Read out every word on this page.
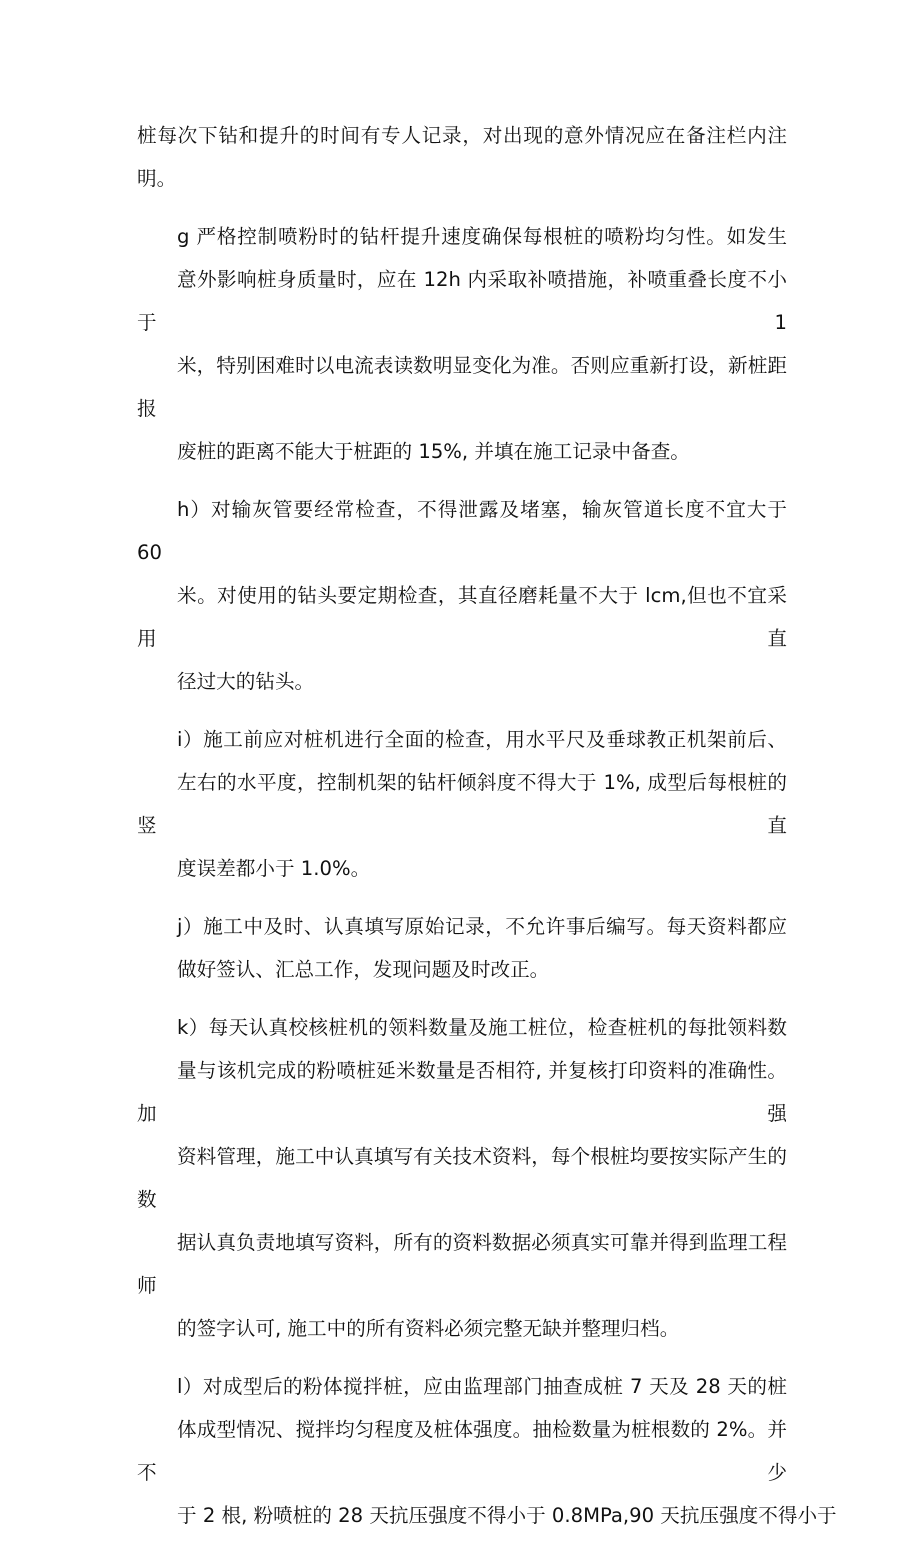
桩每次下钻和提升的时间有专人记录，对出现的意外情况应在备注栏内注
明。

g 严格控制喷粉时的钻杆提升速度确保每根桩的喷粉均匀性。如发生
意外影响桩身质量时，应在 12h 内采取补喷措施，补喷重叠长度不小于 1
米，特别困难时以电流表读数明显变化为准。否则应重新打设，新桩距报
废桩的距离不能大于桩距的 15%, 并填在施工记录中备查。

h）对输灰管要经常检查，不得泄露及堵塞，输灰管道长度不宜大于 60
米。对使用的钻头要定期检查，其直径磨耗量不大于 lcm,但也不宜采用直
径过大的钻头。

i）施工前应对桩机进行全面的检查，用水平尺及垂球教正机架前后、
左右的水平度，控制机架的钻杆倾斜度不得大于 1%, 成型后每根桩的竖直
度误差都小于 1.0%。

j）施工中及时、认真填写原始记录，不允许事后编写。每天资料都应
做好签认、汇总工作，发现问题及时改正。

k）每天认真校核桩机的领料数量及施工桩位，检查桩机的每批领料数
量与该机完成的粉喷桩延米数量是否相符, 并复核打印资料的准确性。加强
资料管理，施工中认真填写有关技术资料，每个根桩均要按实际产生的数
据认真负责地填写资料，所有的资料数据必须真实可靠并得到监理工程师
的签字认可, 施工中的所有资料必须完整无缺并整理归档。

l）对成型后的粉体搅拌桩，应由监理部门抽查成桩 7 天及 28 天的桩
体成型情况、搅拌均匀程度及桩体强度。抽检数量为桩根数的 2%。并不少
于 2 根, 粉喷桩的 28 天抗压强度不得小于 0.8MPa,90 天抗压强度不得小于
